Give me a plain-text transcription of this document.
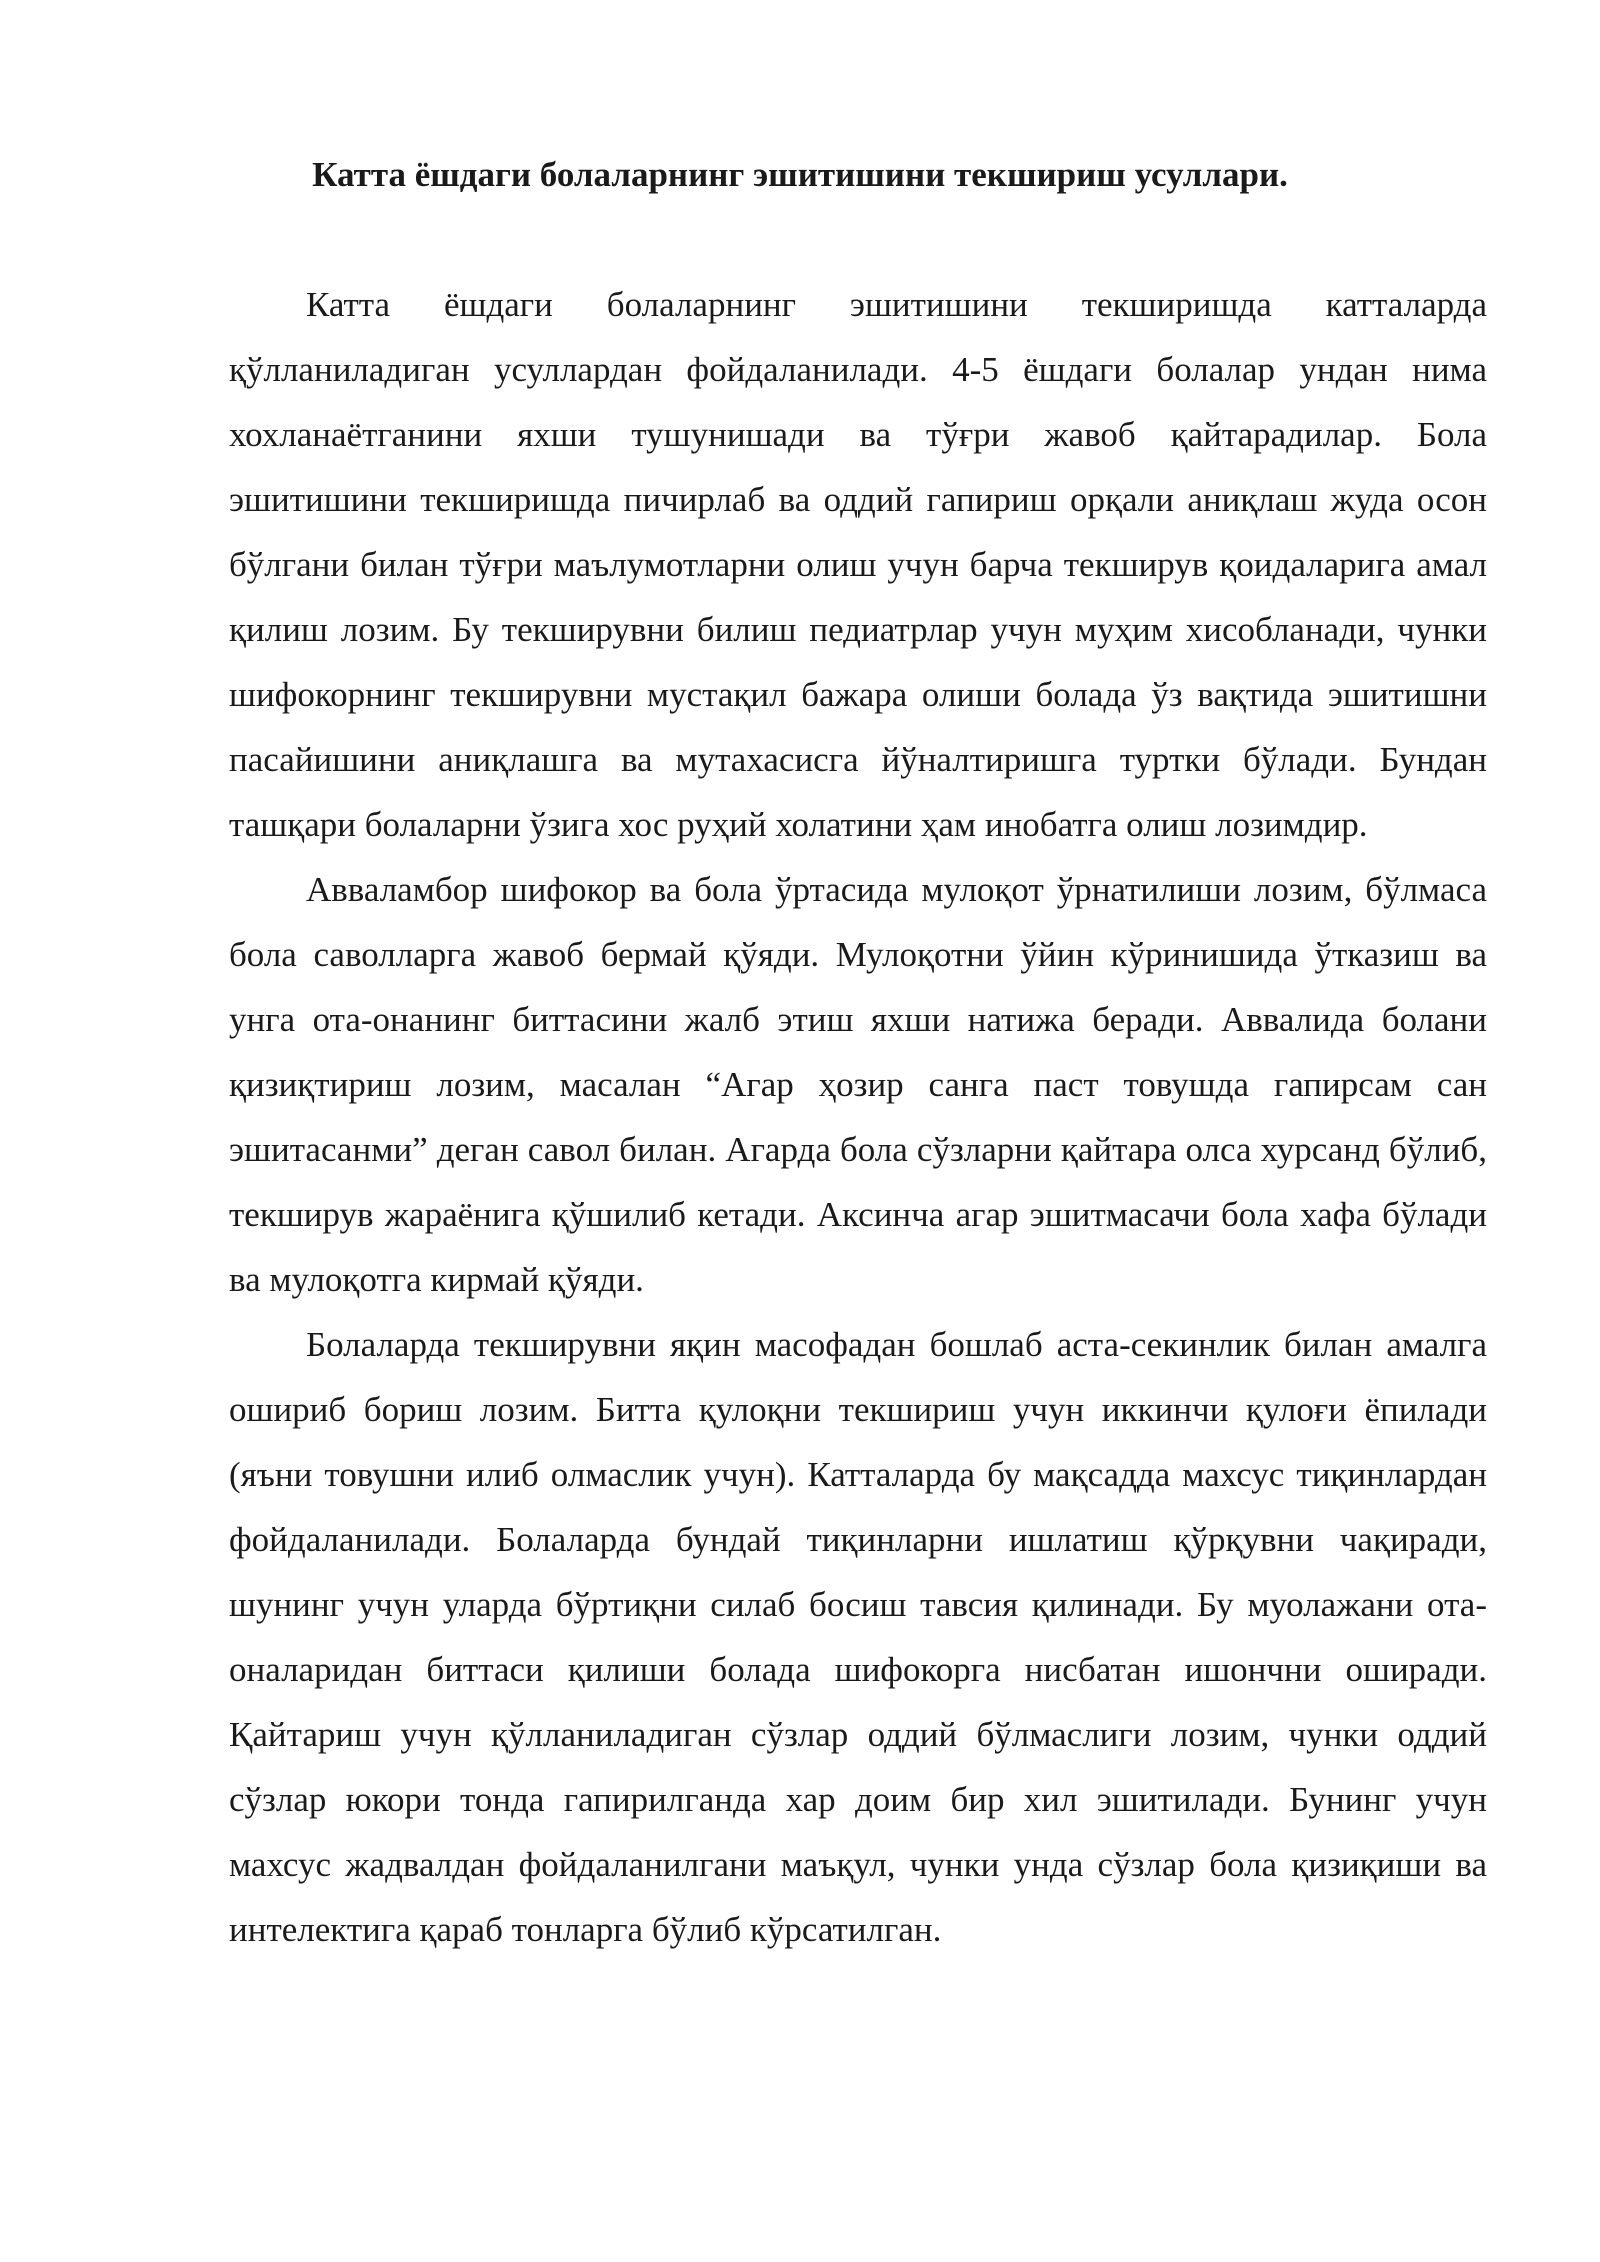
Катта ёшдаги болаларнинг эшитишини текшириш усуллари.

Катта ёшдаги болаларнинг эшитишини текширишда катталарда қўлланиладиган усуллардан фойдаланилади. 4-5 ёшдаги болалар ундан нима хохланаётганини яхши тушунишади ва тўғри жавоб қайтарадилар. Бола эшитишини текширишда пичирлаб ва оддий гапириш орқали аниқлаш жуда осон бўлгани билан тўғри маълумотларни олиш учун барча текширув қоидаларига амал қилиш лозим. Бу текширувни билиш педиатрлар учун муҳим хисобланади, чунки шифокорнинг текширувни мустақил бажара олиши болада ўз вақтида эшитишни пасайишини аниқлашга ва мутахасисга йўналтиришга туртки бўлади. Бундан ташқари болаларни ўзига хос руҳий холатини ҳам инобатга олиш лозимдир.

Авваламбор шифокор ва бола ўртасида мулоқот ўрнатилиши лозим, бўлмаса бола саволларга жавоб бермай қўяди. Мулоқотни ўйин кўринишида ўтказиш ва унга ота-онанинг биттасини жалб этиш яхши натижа беради. Аввалида болани қизиқтириш лозим, масалан “Агар ҳозир санга паст товушда гапирсам сан эшитасанми” деган савол билан. Агарда бола сўзларни қайтара олса хурсанд бўлиб, текширув жараёнига қўшилиб кетади. Аксинча агар эшитмасачи бола хафа бўлади ва мулоқотга кирмай қўяди.

Болаларда текширувни яқин масофадан бошлаб аста-секинлик билан амалга ошириб бориш лозим. Битта қулоқни текшириш учун иккинчи қулоғи ёпилади (яъни товушни илиб олмаслик учун). Катталарда бу мақсадда махсус тиқинлардан фойдаланилади. Болаларда бундай тиқинларни ишлатиш қўрқувни чақиради, шунинг учун уларда бўртиқни силаб босиш тавсия қилинади. Бу муолажани ота-оналаридан биттаси қилиши болада шифокорга нисбатан ишончни оширади. Қайтариш учун қўлланиладиган сўзлар оддий бўлмаслиги лозим, чунки оддий сўзлар юкори тонда гапирилганда хар доим бир хил эшитилади. Бунинг учун махсус жадвалдан фойдаланилгани маъқул, чунки унда сўзлар бола қизиқиши ва интелектига қараб тонларга бўлиб кўрсатилган.
